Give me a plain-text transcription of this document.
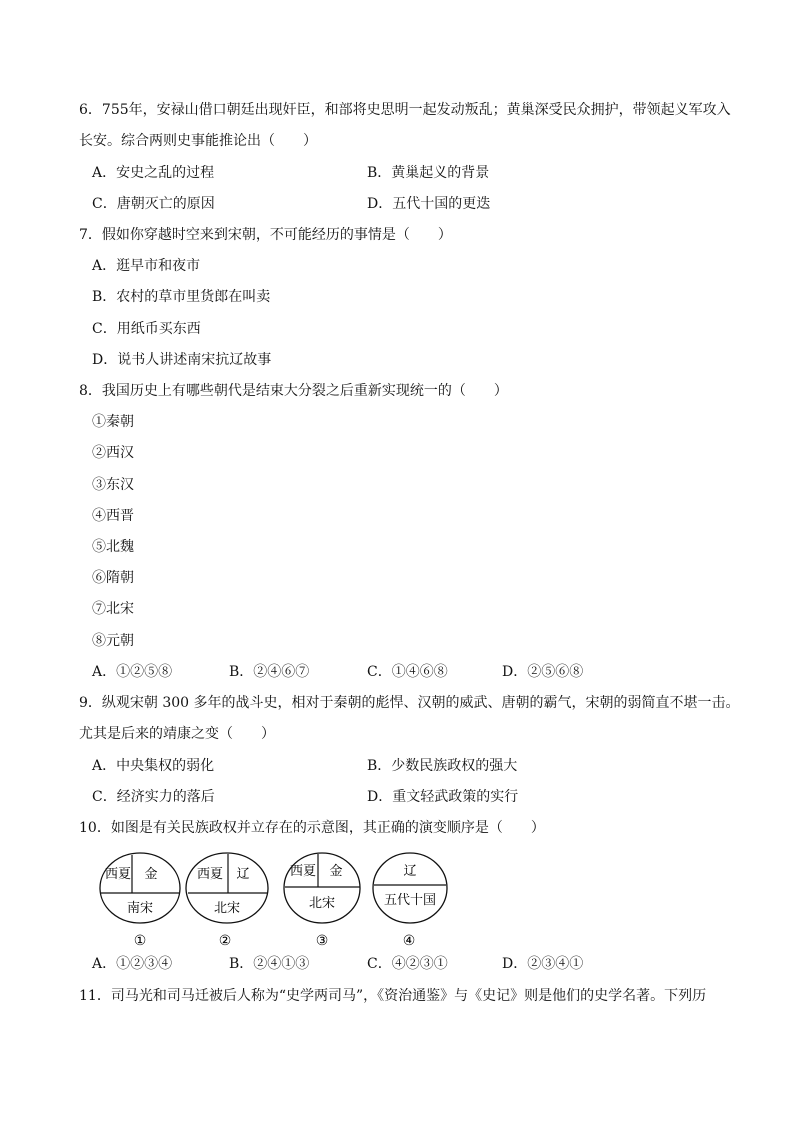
6．755年，安禄山借口朝廷出现奸臣，和部将史思明一起发动叛乱；黄巢深受民众拥护，带领起义军攻入
长安。综合两则史事能推论出（　　）
A．安史之乱的过程	B．黄巢起义的背景
C．唐朝灭亡的原因	D．五代十国的更迭
7．假如你穿越时空来到宋朝，不可能经历的事情是（　　）
A．逛早市和夜市
B．农村的草市里货郎在叫卖
C．用纸币买东西
D．说书人讲述南宋抗辽故事
8．我国历史上有哪些朝代是结束大分裂之后重新实现统一的（　　）
①秦朝
②西汉
③东汉
④西晋
⑤北魏
⑥隋朝
⑦北宋
⑧元朝
A．①②⑤⑧	B．②④⑥⑦	C．①④⑥⑧	D．②⑤⑥⑧
9．纵观宋朝 300 多年的战斗史，相对于秦朝的彪悍、汉朝的威武、唐朝的霸气，宋朝的弱简直不堪一击。
尤其是后来的靖康之变（　　）
A．中央集权的弱化	B．少数民族政权的强大
C．经济实力的落后	D．重文轻武政策的实行
10．如图是有关民族政权并立存在的示意图，其正确的演变顺序是（　　）
西夏 金
南宋
①
西夏 辽
北宋
②
西夏 金
北宋
③
辽
五代十国
④
A．①②③④	B．②④①③	C．④②③①	D．②③④①
11．司马光和司马迁被后人称为“史学两司马”，《资治通鉴》与《史记》则是他们的史学名著。下列历
